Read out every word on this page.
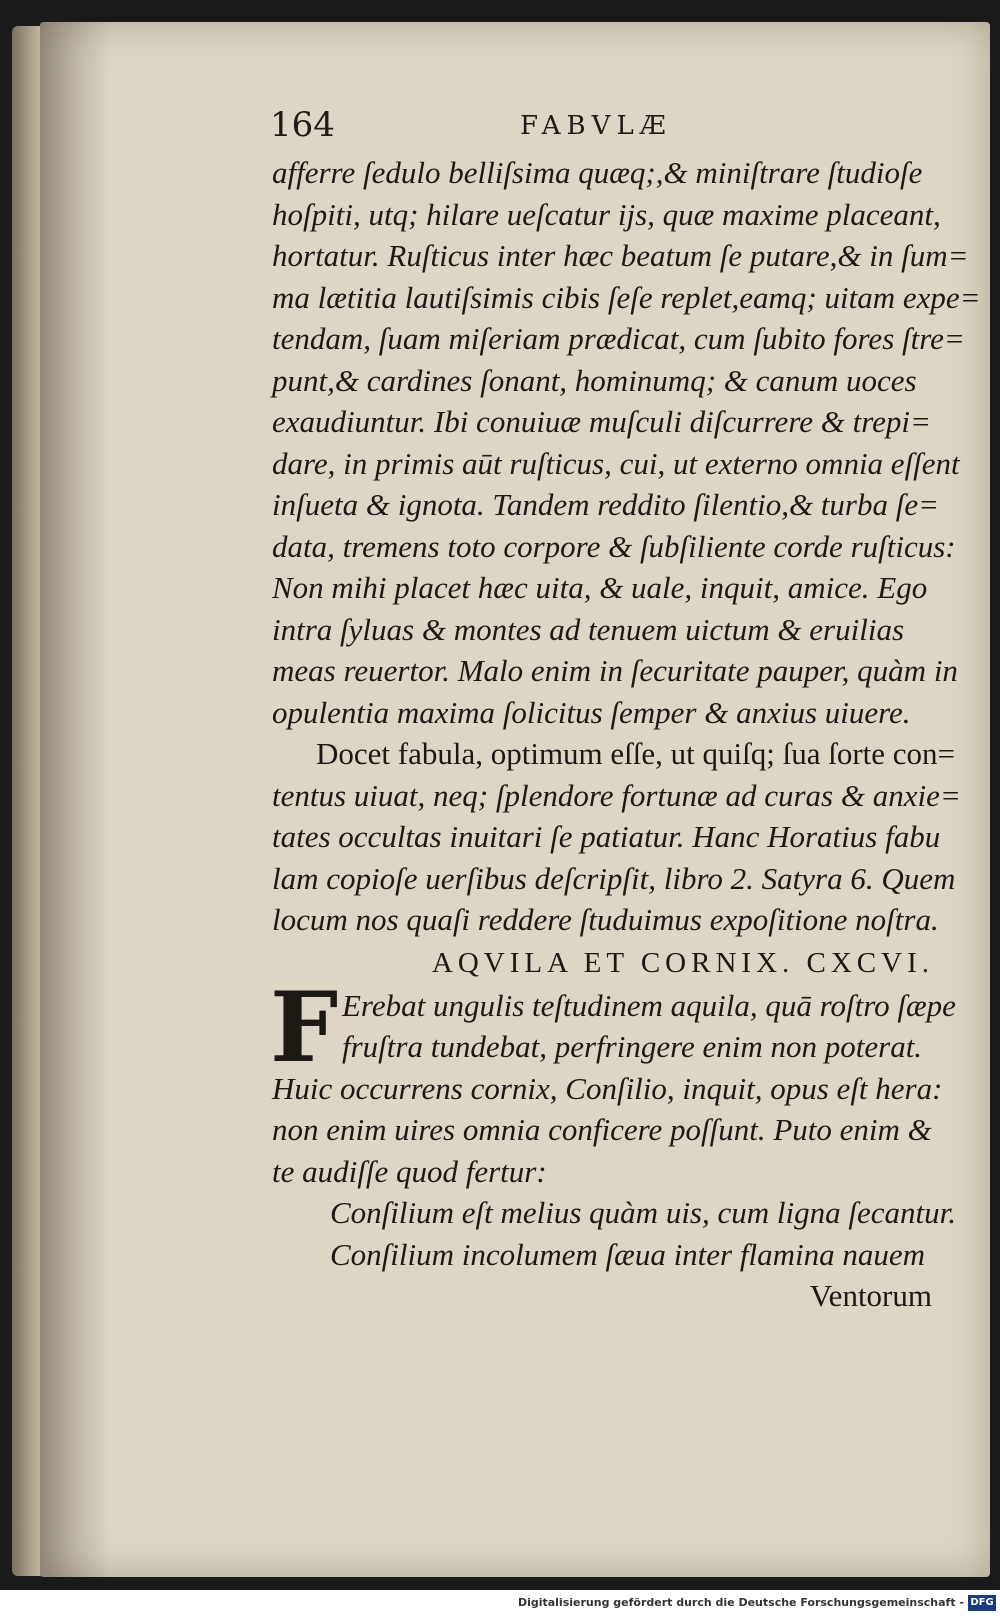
164	FABVLÆ
afferre ſedulo belliſsima quæq;,& miniſtrare ſtudioſe
hoſpiti, utq; hilare ueſcatur ijs, quæ maxime placeant,
hortatur. Ruſticus inter hæc beatum ſe putare,& in ſum=
ma lætitia lautiſsimis cibis ſeſe replet,eamq; uitam expe=
tendam, ſuam miſeriam prædicat, cum ſubito fores ſtre=
punt,& cardines ſonant, hominumq; & canum uoces
exaudiuntur. Ibi conuiuæ muſculi diſcurrere & trepi=
dare, in primis aūt ruſticus, cui, ut externo omnia eſſent
inſueta & ignota. Tandem reddito ſilentio,& turba ſe=
data, tremens toto corpore & ſubſiliente corde ruſticus:
Non mihi placet hæc uita, & uale, inquit, amice. Ego
intra ſyluas & montes ad tenuem uictum & eruilias
meas reuertor. Malo enim in ſecuritate pauper, quàm in
opulentia maxima ſolicitus ſemper & anxius uiuere.
Docet fabula, optimum eſſe, ut quiſq; ſua ſorte con=
tentus uiuat, neq; ſplendore fortunæ ad curas & anxie=
tates occultas inuitari ſe patiatur. Hanc Horatius fabu
lam copioſe uerſibus deſcripſit, libro 2. Satyra 6. Quem
locum nos quaſi reddere ſtuduimus expoſitione noſtra.
AQVILA ET CORNIX. CXCVI.
F Erebat ungulis teſtudinem aquila, quā roſtro ſæpe
fruſtra tundebat, perfringere enim non poterat.
Huic occurrens cornix, Conſilio, inquit, opus eſt hera:
non enim uires omnia conficere poſſunt. Puto enim &
te audiſſe quod fertur:
Conſilium eſt melius quàm uis, cum ligna ſecantur.
Conſilium incolumem ſæua inter flamina nauem
Ventorum
Digitalisierung gefördert durch die Deutsche Forschungsgemeinschaft - DFG
